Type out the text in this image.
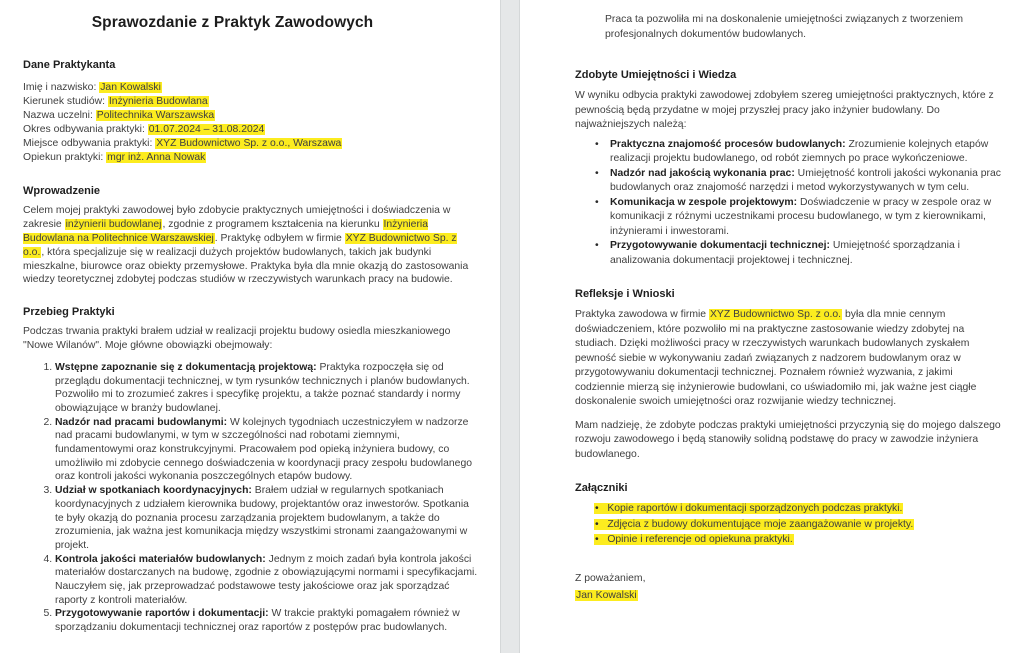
Sprawozdanie z Praktyk Zawodowych
Dane Praktykanta
Imię i nazwisko: Jan Kowalski
Kierunek studiów: Inżynieria Budowlana
Nazwa uczelni: Politechnika Warszawska
Okres odbywania praktyki: 01.07.2024 – 31.08.2024
Miejsce odbywania praktyki: XYZ Budownictwo Sp. z o.o., Warszawa
Opiekun praktyki: mgr inż. Anna Nowak
Wprowadzenie

Celem mojej praktyki zawodowej było zdobycie praktycznych umiejętności i doświadczenia w zakresie inżynierii budowlanej, zgodnie z programem kształcenia na kierunku Inżynieria Budowlana na Politechnice Warszawskiej. Praktykę odbyłem w firmie XYZ Budownictwo Sp. z o.o., która specjalizuje się w realizacji dużych projektów budowlanych, takich jak budynki mieszkalne, biurowce oraz obiekty przemysłowe. Praktyka była dla mnie okazją do zastosowania wiedzy teoretycznej zdobytej podczas studiów w rzeczywistych warunkach pracy na budowie.

Przebieg Praktyki

Podczas trwania praktyki brałem udział w realizacji projektu budowy osiedla mieszkaniowego "Nowe Wilanów". Moje główne obowiązki obejmowały:

1. Wstępne zapoznanie się z dokumentacją projektową: Praktyka rozpoczęła się od przeglądu dokumentacji technicznej, w tym rysunków technicznych i planów budowlanych. Pozwoliło mi to zrozumieć zakres i specyfikę projektu, a także poznać standardy i normy obowiązujące w branży budowlanej.
2. Nadzór nad pracami budowlanymi: W kolejnych tygodniach uczestniczyłem w nadzorze nad pracami budowlanymi, w tym w szczególności nad robotami ziemnymi, fundamentowymi oraz konstrukcyjnymi. Pracowałem pod opieką inżyniera budowy, co umożliwiło mi zdobycie cennego doświadczenia w koordynacji pracy zespołu budowlanego oraz kontroli jakości wykonania poszczególnych etapów budowy.
3. Udział w spotkaniach koordynacyjnych: Brałem udział w regularnych spotkaniach koordynacyjnych z udziałem kierownika budowy, projektantów oraz inwestorów. Spotkania te były okazją do poznania procesu zarządzania projektem budowlanym, a także do zrozumienia, jak ważna jest komunikacja między wszystkimi stronami zaangażowanymi w projekt.
4. Kontrola jakości materiałów budowlanych: Jednym z moich zadań była kontrola jakości materiałów dostarczanych na budowę, zgodnie z obowiązującymi normami i specyfikacjami. Nauczyłem się, jak przeprowadzać podstawowe testy jakościowe oraz jak sporządzać raporty z kontroli materiałów.
5. Przygotowywanie raportów i dokumentacji: W trakcie praktyki pomagałem również w sporządzaniu dokumentacji technicznej oraz raportów z postępów prac budowlanych.

Praca ta pozwoliła mi na doskonalenie umiejętności związanych z tworzeniem profesjonalnych dokumentów budowlanych.

Zdobyte Umiejętności i Wiedza

W wyniku odbycia praktyki zawodowej zdobyłem szereg umiejętności praktycznych, które z pewnością będą przydatne w mojej przyszłej pracy jako inżynier budowlany. Do najważniejszych należą:

• Praktyczna znajomość procesów budowlanych: Zrozumienie kolejnych etapów realizacji projektu budowlanego, od robót ziemnych po prace wykończeniowe.
• Nadzór nad jakością wykonania prac: Umiejętność kontroli jakości wykonania prac budowlanych oraz znajomość narzędzi i metod wykorzystywanych w tym celu.
• Komunikacja w zespole projektowym: Doświadczenie w pracy w zespole oraz w komunikacji z różnymi uczestnikami procesu budowlanego, w tym z kierownikami, inżynierami i inwestorami.
• Przygotowywanie dokumentacji technicznej: Umiejętność sporządzania i analizowania dokumentacji projektowej i technicznej.
Refleksje i Wnioski

Praktyka zawodowa w firmie XYZ Budownictwo Sp. z o.o. była dla mnie cennym doświadczeniem, które pozwoliło mi na praktyczne zastosowanie wiedzy zdobytej na studiach. Dzięki możliwości pracy w rzeczywistych warunkach budowlanych zyskałem pewność siebie w wykonywaniu zadań związanych z nadzorem budowlanym oraz w przygotowywaniu dokumentacji technicznej. Poznałem również wyzwania, z jakimi codziennie mierzą się inżynierowie budowlani, co uświadomiło mi, jak ważne jest ciągłe doskonalenie swoich umiejętności oraz rozwijanie wiedzy technicznej.

Mam nadzieję, że zdobyte podczas praktyki umiejętności przyczynią się do mojego dalszego rozwoju zawodowego i będą stanowiły solidną podstawę do pracy w zawodzie inżyniera budowlanego.

Załączniki
•   Kopie raportów i dokumentacji sporządzonych podczas praktyki.
•   Zdjęcia z budowy dokumentujące moje zaangażowanie w projekty.
•   Opinie i referencje od opiekuna praktyki.

Z poważaniem,

Jan Kowalski
